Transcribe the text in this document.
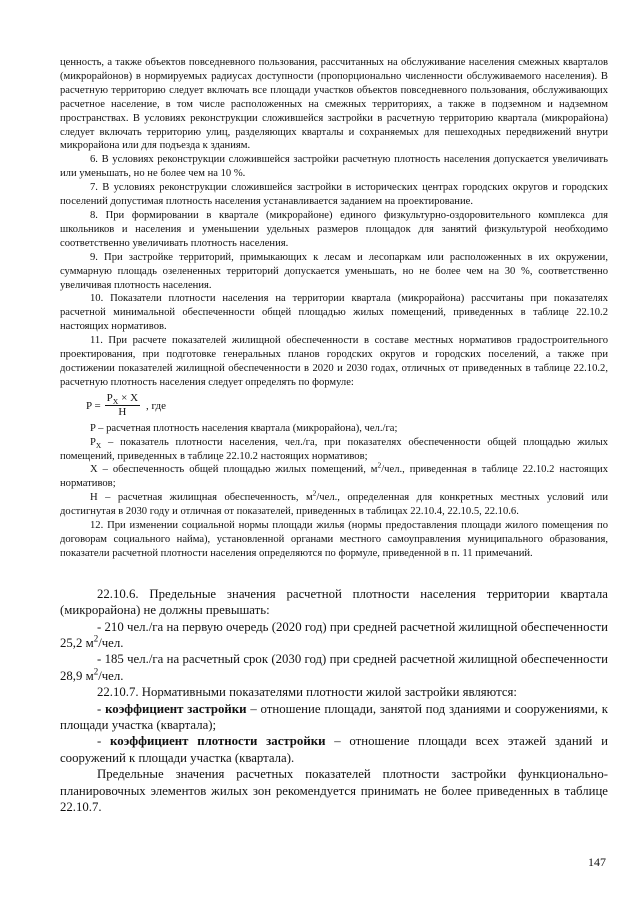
ценность, а также объектов повседневного пользования, рассчитанных на обслуживание населения смежных кварталов (микрорайонов) в нормируемых радиусах доступности (пропорционально численности обслуживаемого населения). В расчетную территорию следует включать все площади участков объектов повседневного пользования, обслуживающих расчетное население, в том числе расположенных на смежных территориях, а также в подземном и надземном пространствах. В условиях реконструкции сложившейся застройки в расчетную территорию квартала (микрорайона) следует включать территорию улиц, разделяющих кварталы и сохраняемых для пешеходных передвижений внутри микрорайона или для подъезда к зданиям.

6. В условиях реконструкции сложившейся застройки расчетную плотность населения допускается увеличивать или уменьшать, но не более чем на 10 %.

7. В условиях реконструкции сложившейся застройки в исторических центрах городских округов и городских поселений допустимая плотность населения устанавливается заданием на проектирование.

8. При формировании в квартале (микрорайоне) единого физкультурно-оздоровительного комплекса для школьников и населения и уменьшении удельных размеров площадок для занятий физкультурой необходимо соответственно увеличивать плотность населения.

9. При застройке территорий, примыкающих к лесам и лесопаркам или расположенных в их окружении, суммарную площадь озелененных территорий допускается уменьшать, но не более чем на 30 %, соответственно увеличивая плотность населения.

10. Показатели плотности населения на территории квартала (микрорайона) рассчитаны при показателях расчетной минимальной обеспеченности общей площадью жилых помещений, приведенных в таблице 22.10.2 настоящих нормативов.

11. При расчете показателей жилищной обеспеченности в составе местных нормативов градостроительного проектирования, при подготовке генеральных планов городских округов и городских поселений, а также при достижении показателей жилищной обеспеченности в 2020 и 2030 годах, отличных от приведенных в таблице 22.10.2, расчетную плотность населения следует определять по формуле:

$P = \frac{P_X \times X}{H}$ , где

P – расчетная плотность населения квартала (микрорайона), чел./га;

$P_X$ – показатель плотности населения, чел./га, при показателях обеспеченности общей площадью жилых помещений, приведенных в таблице 22.10.2 настоящих нормативов;

X – обеспеченность общей площадью жилых помещений, $м^2$/чел., приведенная в таблице 22.10.2 настоящих нормативов;

H – расчетная жилищная обеспеченность, $м^2$/чел., определенная для конкретных местных условий или достигнутая в 2030 году и отличная от показателей, приведенных в таблицах 22.10.4, 22.10.5, 22.10.6.

12. При изменении социальной нормы площади жилья (нормы предоставления площади жилого помещения по договорам социального найма), установленной органами местного самоуправления муниципального образования, показатели расчетной плотности населения определяются по формуле, приведенной в п. 11 примечаний.

22.10.6. Предельные значения расчетной плотности населения территории квартала (микрорайона) не должны превышать:

- 210 чел./га на первую очередь (2020 год) при средней расчетной жилищной обеспеченности 25,2 $м^2$/чел.

- 185 чел./га на расчетный срок (2030 год) при средней расчетной жилищной обеспеченности 28,9 $м^2$/чел.

22.10.7. Нормативными показателями плотности жилой застройки являются:

- коэффициент застройки – отношение площади, занятой под зданиями и сооружениями, к площади участка (квартала);

- коэффициент плотности застройки – отношение площади всех этажей зданий и сооружений к площади участка (квартала).

Предельные значения расчетных показателей плотности застройки функционально-планировочных элементов жилых зон рекомендуется принимать не более приведенных в таблице 22.10.7.

147
